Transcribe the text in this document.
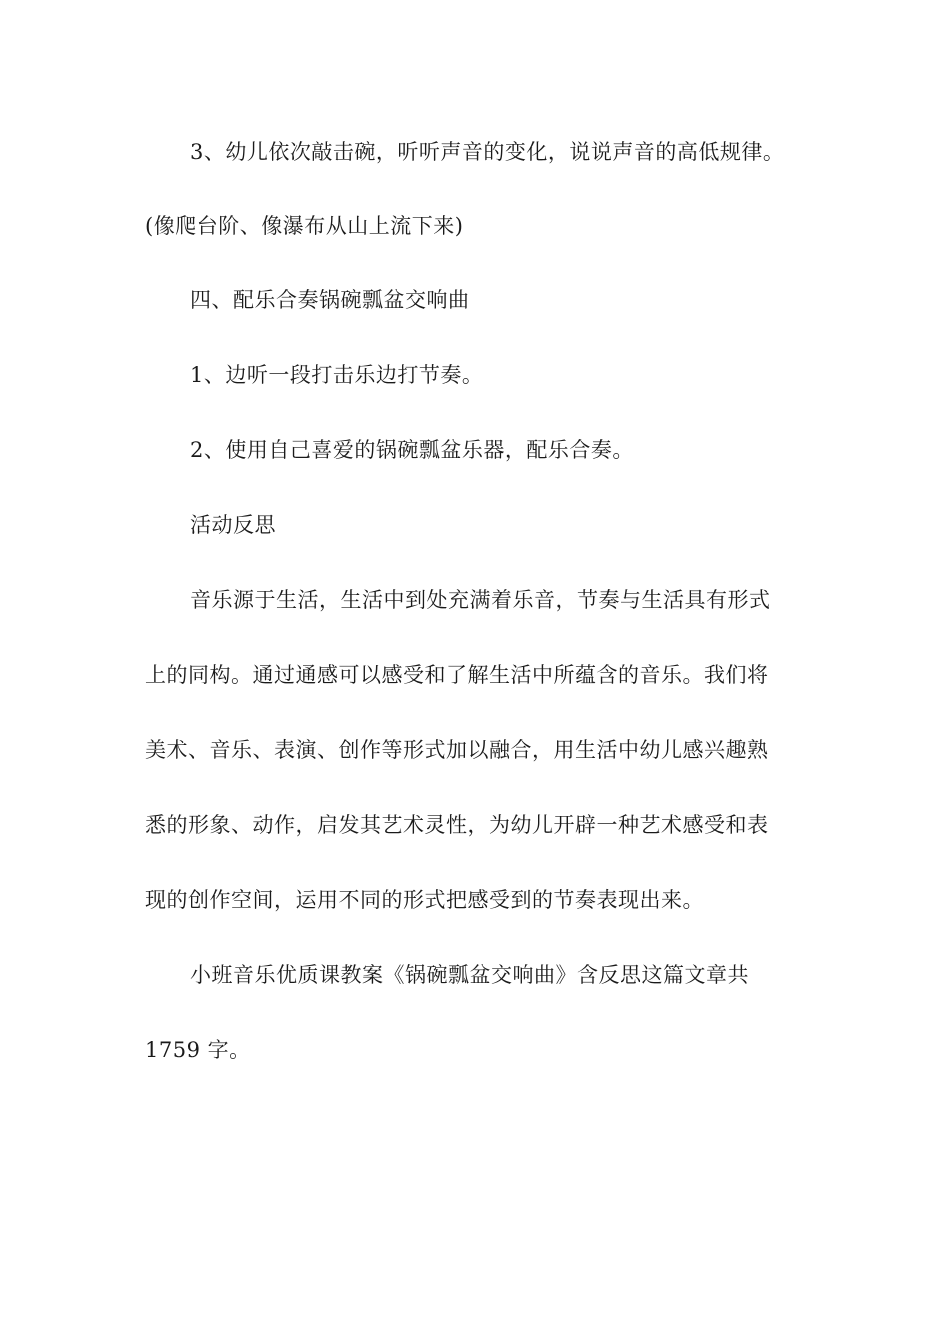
3、幼儿依次敲击碗，听听声音的变化，说说声音的高低规律。
(像爬台阶、像瀑布从山上流下来)
四、配乐合奏锅碗瓢盆交响曲
1、边听一段打击乐边打节奏。
2、使用自己喜爱的锅碗瓢盆乐器，配乐合奏。
活动反思
音乐源于生活，生活中到处充满着乐音，节奏与生活具有形式
上的同构。通过通感可以感受和了解生活中所蕴含的音乐。我们将
美术、音乐、表演、创作等形式加以融合，用生活中幼儿感兴趣熟
悉的形象、动作，启发其艺术灵性，为幼儿开辟一种艺术感受和表
现的创作空间，运用不同的形式把感受到的节奏表现出来。
小班音乐优质课教案《锅碗瓢盆交响曲》含反思这篇文章共
1759 字。
